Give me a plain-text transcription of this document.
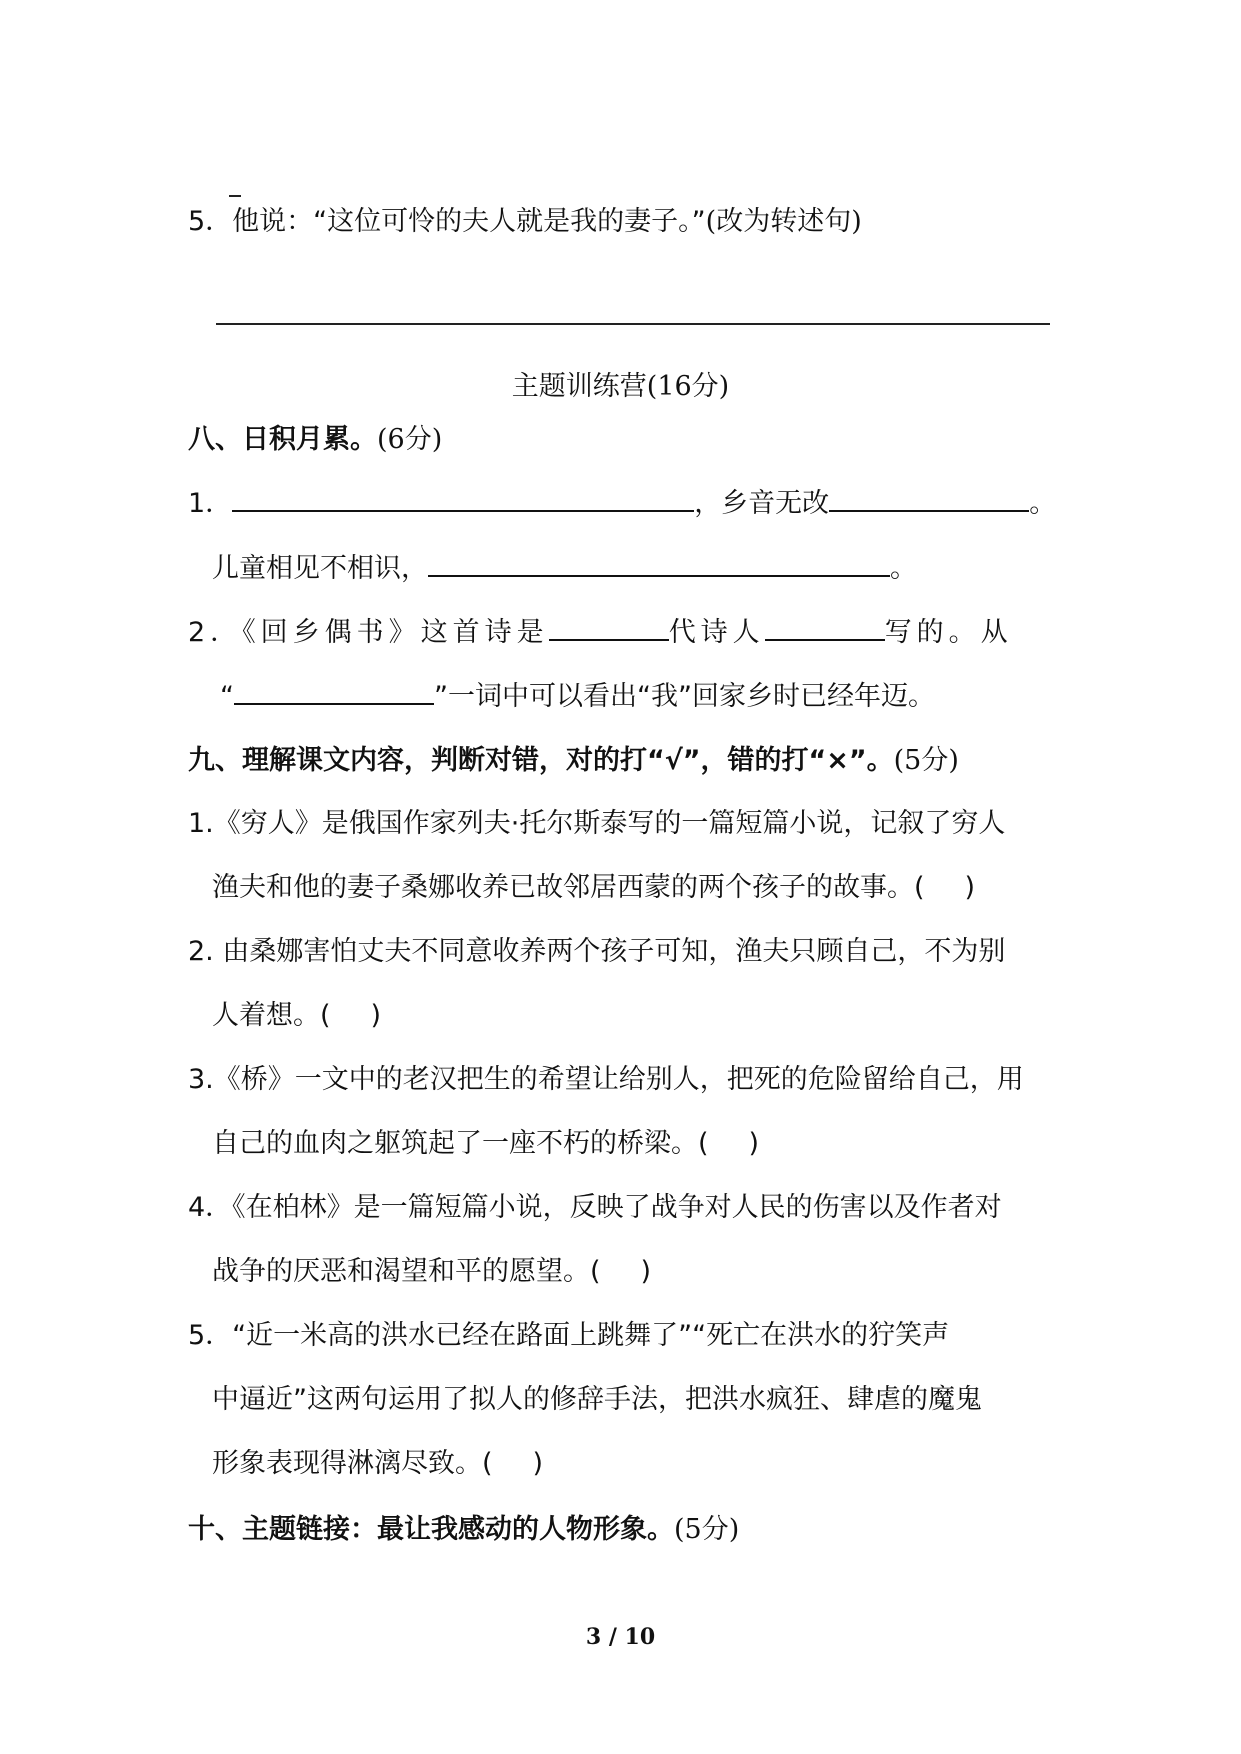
5．他说：“这位可怜的夫人就是我的妻子。”(改为转述句)
主题训练营(16分)
八、日积月累。(6分)
1．	，乡音无改	。
儿童相见不相识，	。
2．《回乡偶书》这首诗是	代诗人	写的。从
“	”一词中可以看出“我”回家乡时已经年迈。
九、理解课文内容，判断对错，对的打“√”，错的打“×”。(5分)
1.《穷人》是俄国作家列夫·托尔斯泰写的一篇短篇小说，记叙了穷人
渔夫和他的妻子桑娜收养已故邻居西蒙的两个孩子的故事。( )
2. 由桑娜害怕丈夫不同意收养两个孩子可知，渔夫只顾自己，不为别
人着想。( )
3.《桥》一文中的老汉把生的希望让给别人，把死的危险留给自己，用
自己的血肉之躯筑起了一座不朽的桥梁。( )
4．《在柏林》是一篇短篇小说，反映了战争对人民的伤害以及作者对
战争的厌恶和渴望和平的愿望。( )
5．“近一米高的洪水已经在路面上跳舞了”“死亡在洪水的狞笑声
中逼近”这两句运用了拟人的修辞手法，把洪水疯狂、肆虐的魔鬼
形象表现得淋漓尽致。( )
十、主题链接：最让我感动的人物形象。(5分)
3 / 10
